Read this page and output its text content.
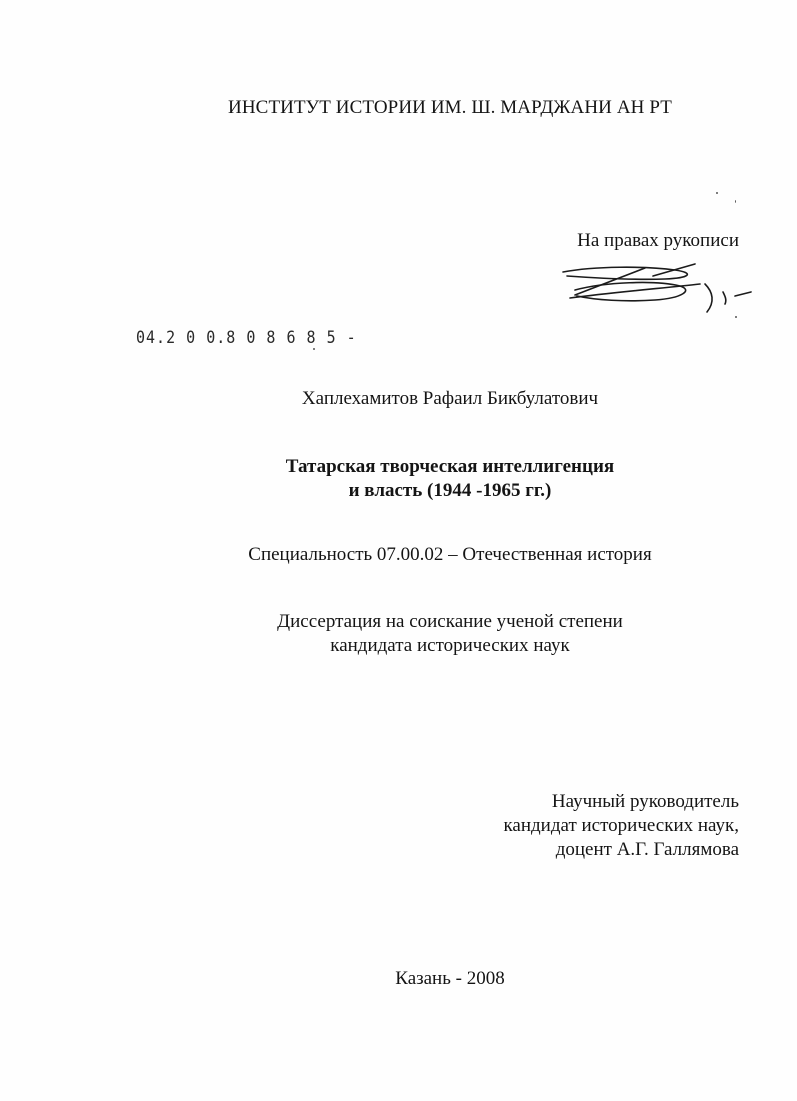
ИНСТИТУТ ИСТОРИИ ИМ. Ш. МАРДЖАНИ АН РТ
На правах рукописи
04.2 0 0.8 0 8 6 8 5 -
Хаплехамитов Рафаил Бикбулатович
Татарская творческая интеллигенция
и власть (1944 -1965 гг.)
Специальность 07.00.02 – Отечественная история
Диссертация на соискание ученой степени
кандидата исторических наук
Научный руководитель
кандидат исторических наук,
доцент А.Г. Галлямова
Казань - 2008
